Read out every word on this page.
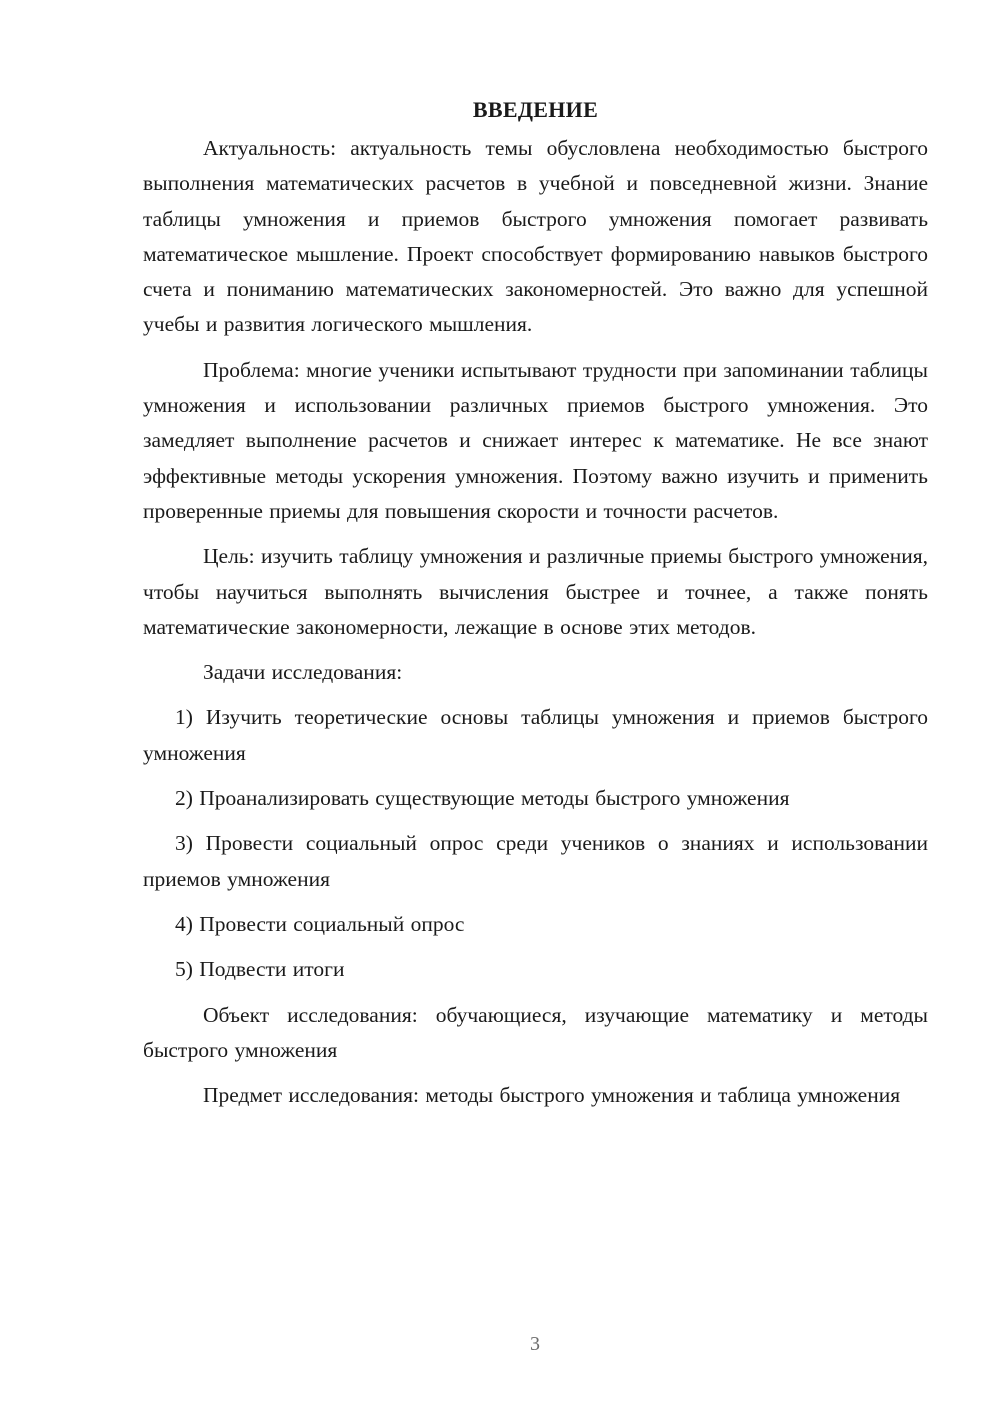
ВВЕДЕНИЕ

Актуальность: актуальность темы обусловлена необходимостью быстрого выполнения математических расчетов в учебной и повседневной жизни. Знание таблицы умножения и приемов быстрого умножения помогает развивать математическое мышление. Проект способствует формированию навыков быстрого счета и пониманию математических закономерностей. Это важно для успешной учебы и развития логического мышления.

Проблема: многие ученики испытывают трудности при запоминании таблицы умножения и использовании различных приемов быстрого умножения. Это замедляет выполнение расчетов и снижает интерес к математике. Не все знают эффективные методы ускорения умножения. Поэтому важно изучить и применить проверенные приемы для повышения скорости и точности расчетов.

Цель: изучить таблицу умножения и различные приемы быстрого умножения, чтобы научиться выполнять вычисления быстрее и точнее, а также понять математические закономерности, лежащие в основе этих методов.

Задачи исследования:

1) Изучить теоретические основы таблицы умножения и приемов быстрого умножения

2) Проанализировать существующие методы быстрого умножения

3) Провести социальный опрос среди учеников о знаниях и использовании приемов умножения

4) Провести социальный опрос

5) Подвести итоги

Объект исследования: обучающиеся, изучающие математику и методы быстрого умножения

Предмет исследования: методы быстрого умножения и таблица умножения

3
